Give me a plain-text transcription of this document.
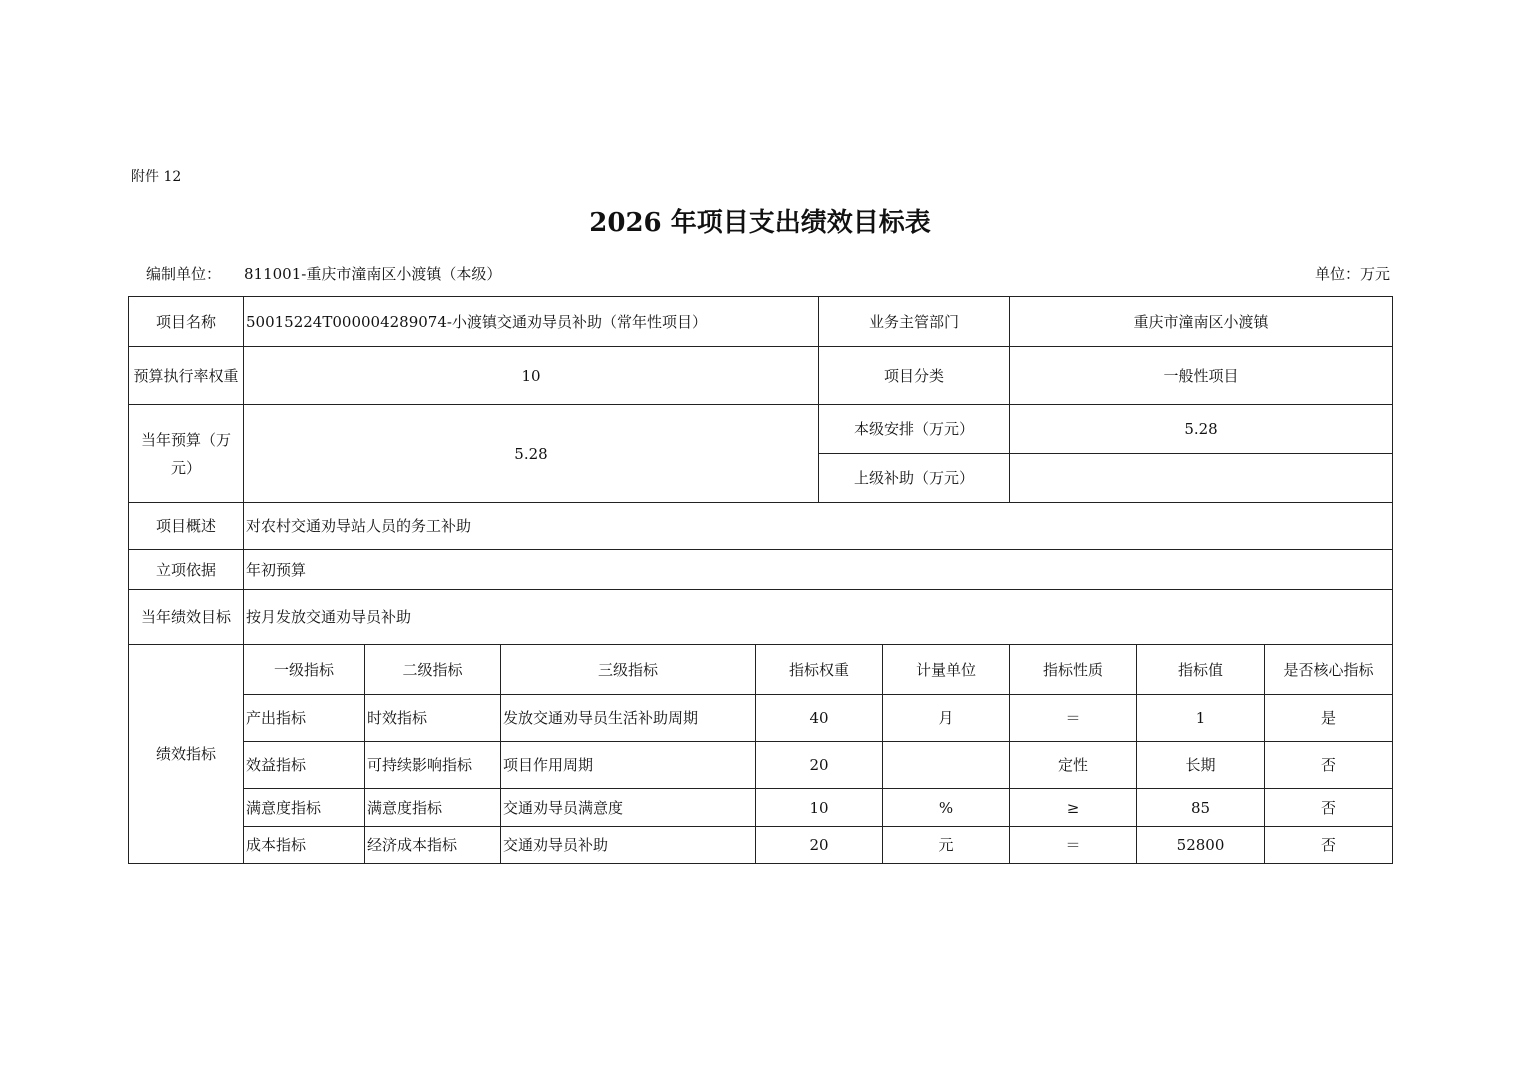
附件 12
2026 年项目支出绩效目标表
编制单位： 811001-重庆市潼南区小渡镇（本级）	单位：万元
项目名称	50015224T000004289074-小渡镇交通劝导员补助（常年性项目）				业务主管部门		重庆市潼南区小渡镇		
预算执行率权重	10				项目分类		一般性项目		
当年预算（万元）	5.28				本级安排（万元）		5.28		
					上级补助（万元）				
项目概述	对农村交通劝导站人员的务工补助								
立项依据	年初预算								
当年绩效目标	按月发放交通劝导员补助								
绩效指标	一级指标	二级指标	三级指标	指标权重		计量单位	指标性质	指标值	是否核心指标
	产出指标	时效指标	发放交通劝导员生活补助周期	40		月	＝	1	是
	效益指标	可持续影响指标	项目作用周期	20			定性	长期	否
	满意度指标	满意度指标	交通劝导员满意度	10		%	≥	85	否
	成本指标	经济成本指标	交通劝导员补助	20		元	＝	52800	否
